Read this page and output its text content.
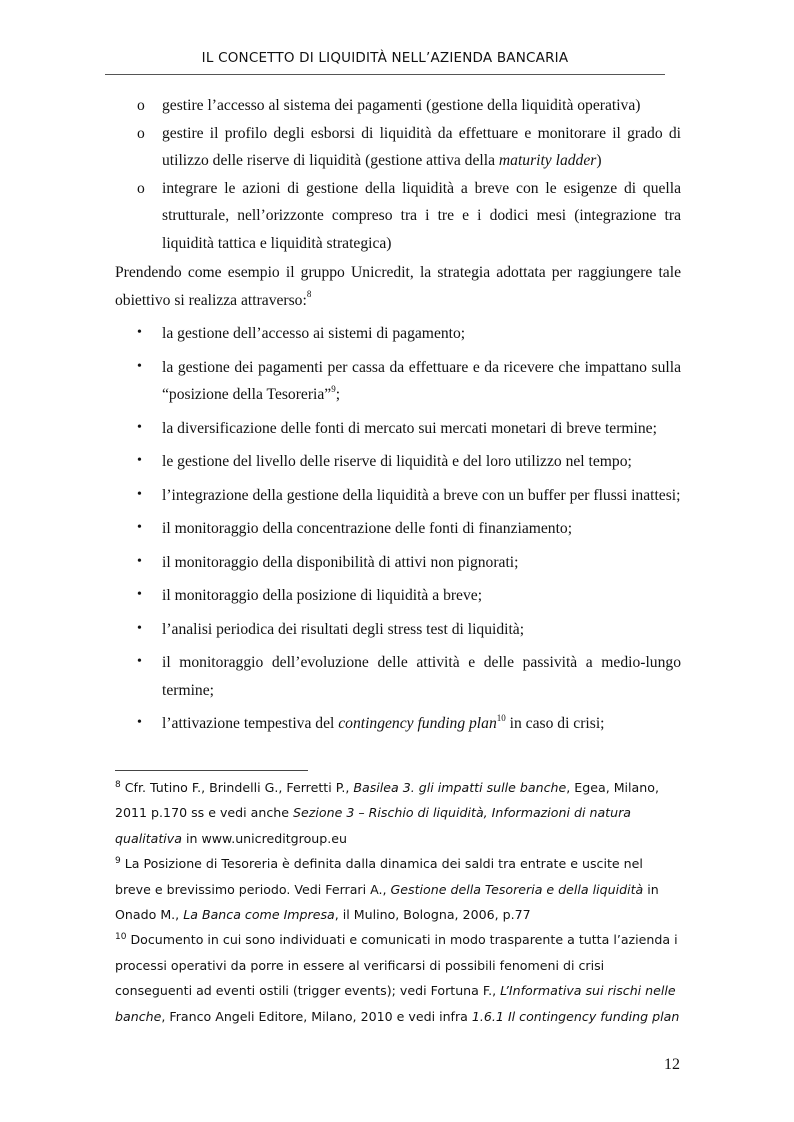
IL CONCETTO DI LIQUIDITÀ NELL’AZIENDA BANCARIA
o gestire l’accesso al sistema dei pagamenti (gestione della liquidità operativa)
o gestire il profilo degli esborsi di liquidità da effettuare e monitorare il grado di utilizzo delle riserve di liquidità (gestione attiva della maturity ladder)
o integrare le azioni di gestione della liquidità a breve con le esigenze di quella strutturale, nell’orizzonte compreso tra i tre e i dodici mesi (integrazione tra liquidità tattica e liquidità strategica)
Prendendo come esempio il gruppo Unicredit, la strategia adottata per raggiungere tale obiettivo si realizza attraverso:$^8$
• la gestione dell’accesso ai sistemi di pagamento;
• la gestione dei pagamenti per cassa da effettuare e da ricevere che impattano sulla “posizione della Tesoreria”$^9$;
• la diversificazione delle fonti di mercato sui mercati monetari di breve termine;
• le gestione del livello delle riserve di liquidità e del loro utilizzo nel tempo;
• l’integrazione della gestione della liquidità a breve con un buffer per flussi inattesi;
• il monitoraggio della concentrazione delle fonti di finanziamento;
• il monitoraggio della disponibilità di attivi non pignorati;
• il monitoraggio della posizione di liquidità a breve;
• l’analisi periodica dei risultati degli stress test di liquidità;
• il monitoraggio dell’evoluzione delle attività e delle passività a medio-lungo termine;
• l’attivazione tempestiva del contingency funding plan$^{10}$ in caso di crisi;
$^8$ Cfr. Tutino F., Brindelli G., Ferretti P., Basilea 3. gli impatti sulle banche, Egea, Milano, 2011 p.170 ss e vedi anche Sezione 3 – Rischio di liquidità, Informazioni di natura qualitativa in www.unicreditgroup.eu
$^9$ La Posizione di Tesoreria è definita dalla dinamica dei saldi tra entrate e uscite nel breve e brevissimo periodo. Vedi Ferrari A., Gestione della Tesoreria e della liquidità in Onado M., La Banca come Impresa, il Mulino, Bologna, 2006, p.77
$^{10}$ Documento in cui sono individuati e comunicati in modo trasparente a tutta l’azienda i processi operativi da porre in essere al verificarsi di possibili fenomeni di crisi conseguenti ad eventi ostili (trigger events); vedi Fortuna F., L’Informativa sui rischi nelle banche, Franco Angeli Editore, Milano, 2010 e vedi infra 1.6.1 Il contingency funding plan
12
